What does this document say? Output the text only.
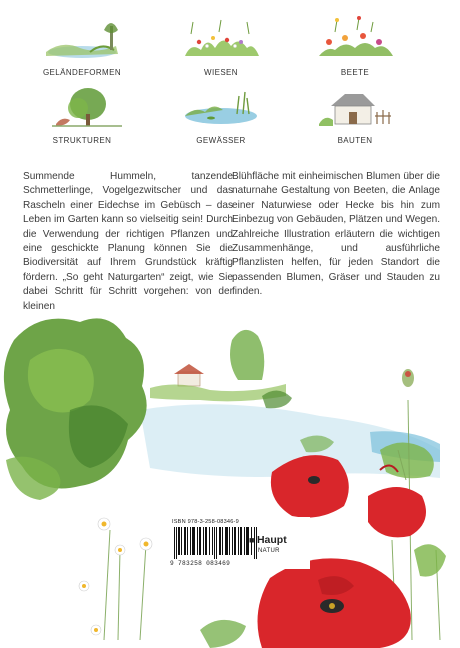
GELÄNDEFORMEN	WIESEN	BEETE
STRUKTUREN	GEWÄSSER	BAUTEN

Summende Hummeln, tanzende Schmetterlinge, Vogelgezwitscher und das Rascheln einer Eidechse im Gebüsch – das Leben im Garten kann so vielseitig sein! Durch die Verwendung der richtigen Pflanzen und eine geschickte Planung können Sie die Biodiversität auf Ihrem Grundstück kräftig fördern. „So geht Naturgarten“ zeigt, wie Sie dabei Schritt für Schritt vorgehen: von der kleinen

Blühfläche mit einheimischen Blumen über die naturnahe Gestaltung von Beeten, die Anlage einer Naturwiese oder Hecke bis hin zum Einbezug von Gebäuden, Plätzen und Wegen. Zahlreiche Illustration erläutern die wichtigen Zusammenhänge, und ausführliche Pflanzlisten helfen, für jeden Standort die passenden Blumen, Gräser und Stauden zu finden.

ISBN 978-3-258-08346-9
9 783258 083469
■ Haupt
NATUR
